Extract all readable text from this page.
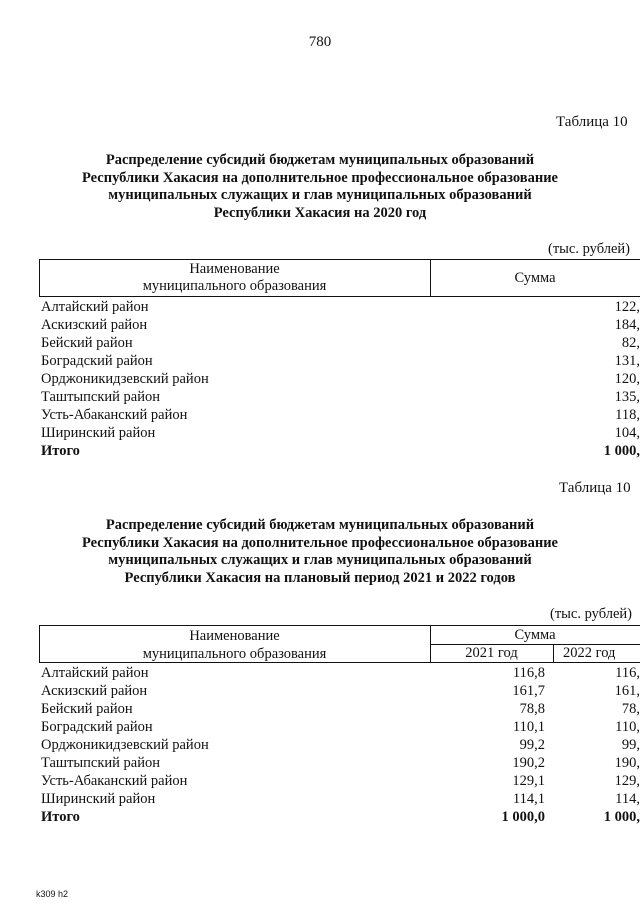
780
Таблица 10
Распределение субсидий бюджетам муниципальных образований
Республики Хакасия на дополнительное профессиональное образование
муниципальных служащих и глав муниципальных образований
Республики Хакасия на 2020 год
(тыс. рублей)
Наименование
муниципального образования	Сумма
Алтайский район	122,
Аскизский район	184,
Бейский район	82,
Боградский район	131,
Орджоникидзевский район	120,
Таштыпский район	135,
Усть-Абаканский район	118,
Ширинский район	104,
Итого	1 000,
Таблица 10
Распределение субсидий бюджетам муниципальных образований
Республики Хакасия на дополнительное профессиональное образование
муниципальных служащих и глав муниципальных образований
Республики Хакасия на плановый период 2021 и 2022 годов
(тыс. рублей)
Наименование
муниципального образования
Сумма
2021 год	2022 год
Алтайский район	116,8	116,
Аскизский район	161,7	161,
Бейский район	78,8	78,
Боградский район	110,1	110,
Орджоникидзевский район	99,2	99,
Таштыпский район	190,2	190,
Усть-Абаканский район	129,1	129,
Ширинский район	114,1	114,
Итого	1 000,0	1 000,
k309 h2
